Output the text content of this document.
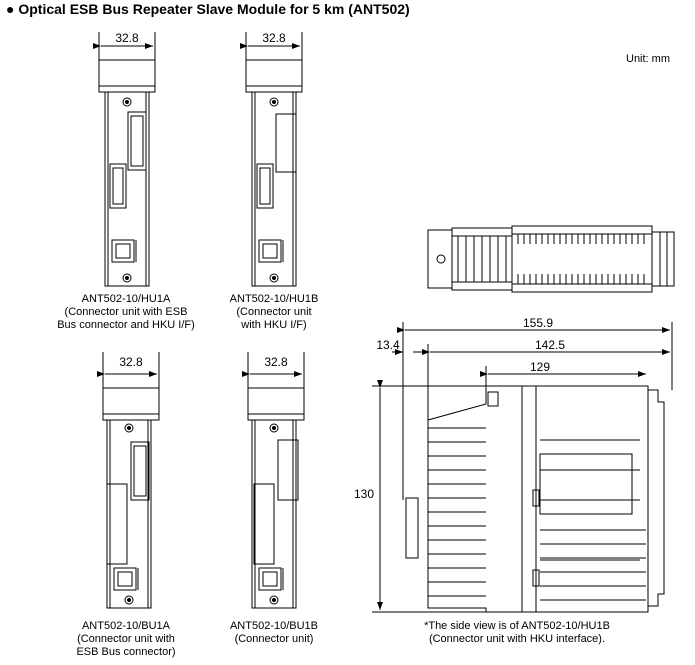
● Optical ESB Bus Repeater Slave Module for 5 km (ANT502)
Unit: mm
32.8	32.8
32.8	32.8
155.9
142.5
129
13.4
130
ANT502-10/HU1A
(Connector unit with ESB
Bus connector and HKU I/F)
ANT502-10/HU1B
(Connector unit
with HKU I/F)
ANT502-10/BU1A
(Connector unit with
ESB Bus connector)
ANT502-10/BU1B
(Connector unit)
*The side view is of ANT502-10/HU1B
(Connector unit with HKU interface).
